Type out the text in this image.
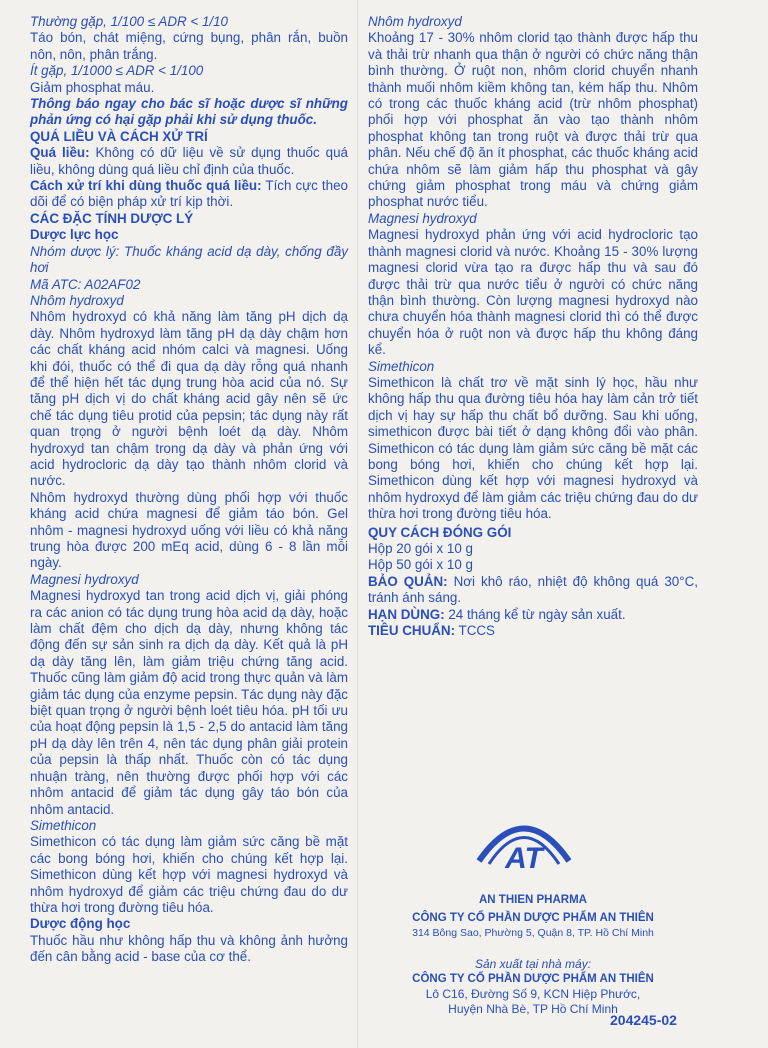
Thường gặp, 1/100 ≤ ADR < 1/10

Táo bón, chát miệng, cứng bụng, phân rắn, buồn nôn, nôn, phân trắng.

Ít gặp, 1/1000 ≤ ADR < 1/100

Giảm phosphat máu.

Thông báo ngay cho bác sĩ hoặc dược sĩ những phản ứng có hại gặp phải khi sử dụng thuốc.

QUÁ LIỀU VÀ CÁCH XỬ TRÍ

Quá liều: Không có dữ liệu về sử dụng thuốc quá liều, không dùng quá liều chỉ định của thuốc.

Cách xử trí khi dùng thuốc quá liều: Tích cực theo dõi để có biện pháp xử trí kịp thời.

CÁC ĐẶC TÍNH DƯỢC LÝ

Dược lực học

Nhóm dược lý: Thuốc kháng acid dạ dày, chống đầy hơi

Mã ATC: A02AF02

Nhôm hydroxyd

Nhôm hydroxyd có khả năng làm tăng pH dịch dạ dày. Nhôm hydroxyd làm tăng pH dạ dày chậm hơn các chất kháng acid nhóm calci và magnesi. Uống khi đói, thuốc có thể đi qua dạ dày rỗng quá nhanh để thể hiện hết tác dụng trung hòa acid của nó. Sự tăng pH dịch vị do chất kháng acid gây nên sẽ ức chế tác dụng tiêu protid của pepsin; tác dụng này rất quan trọng ở người bệnh loét dạ dày. Nhôm hydroxyd tan chậm trong dạ dày và phản ứng với acid hydrocloric dạ dày tạo thành nhôm clorid và nước.

Nhôm hydroxyd thường dùng phối hợp với thuốc kháng acid chứa magnesi để giảm táo bón. Gel nhôm - magnesi hydroxyd uống với liều có khả năng trung hòa được 200 mEq acid, dùng 6 - 8 lần mỗi ngày.

Magnesi hydroxyd

Magnesi hydroxyd tan trong acid dịch vị, giải phóng ra các anion có tác dụng trung hòa acid dạ dày, hoặc làm chất đệm cho dịch dạ dày, nhưng không tác động đến sự sản sinh ra dịch dạ dày. Kết quả là pH dạ dày tăng lên, làm giảm triệu chứng tăng acid. Thuốc cũng làm giảm độ acid trong thực quản và làm giảm tác dụng của enzyme pepsin. Tác dụng này đặc biệt quan trọng ở người bệnh loét tiêu hóa. pH tối ưu của hoạt động pepsin là 1,5 - 2,5 do antacid làm tăng pH dạ dày lên trên 4, nên tác dụng phân giải protein của pepsin là thấp nhất. Thuốc còn có tác dụng nhuận tràng, nên thường được phối hợp với các nhôm antacid để giảm tác dụng gây táo bón của nhôm antacid.

Simethicon

Simethicon có tác dụng làm giảm sức căng bề mặt các bong bóng hơi, khiến cho chúng kết hợp lại. Simethicon dùng kết hợp với magnesi hydroxyd và nhôm hydroxyd để giảm các triệu chứng đau do dư thừa hơi trong đường tiêu hóa.

Dược động học

Thuốc hầu như không hấp thu và không ảnh hưởng đến cân bằng acid - base của cơ thể.

Nhôm hydroxyd

Khoảng 17 - 30% nhôm clorid tạo thành được hấp thu và thải trừ nhanh qua thận ở người có chức năng thận bình thường. Ở ruột non, nhôm clorid chuyển nhanh thành muối nhôm kiềm không tan, kém hấp thu. Nhôm có trong các thuốc kháng acid (trừ nhôm phosphat) phối hợp với phosphat ăn vào tạo thành nhôm phosphat không tan trong ruột và được thải trừ qua phân. Nếu chế độ ăn ít phosphat, các thuốc kháng acid chứa nhôm sẽ làm giảm hấp thu phosphat và gây chứng giảm phosphat trong máu và chứng giảm phosphat nước tiểu.

Magnesi hydroxyd

Magnesi hydroxyd phản ứng với acid hydrocloric tạo thành magnesi clorid và nước. Khoảng 15 - 30% lượng magnesi clorid vừa tạo ra được hấp thu và sau đó được thải trừ qua nước tiểu ở người có chức năng thận bình thường. Còn lượng magnesi hydroxyd nào chưa chuyển hóa thành magnesi clorid thì có thể được chuyển hóa ở ruột non và được hấp thu không đáng kể.

Simethicon

Simethicon là chất trơ về mặt sinh lý học, hầu như không hấp thu qua đường tiêu hóa hay làm cản trở tiết dịch vị hay sự hấp thu chất bổ dưỡng. Sau khi uống, simethicon được bài tiết ở dạng không đổi vào phân. Simethicon có tác dụng làm giảm sức căng bề mặt các bong bóng hơi, khiến cho chúng kết hợp lại. Simethicon dùng kết hợp với magnesi hydroxyd và nhôm hydroxyd để làm giảm các triệu chứng đau do dư thừa hơi trong đường tiêu hóa.

QUY CÁCH ĐÓNG GÓI

Hộp 20 gói x 10 g

Hộp 50 gói x 10 g

BẢO QUẢN: Nơi khô ráo, nhiệt độ không quá 30°C, tránh ánh sáng.

HẠN DÙNG: 24 tháng kể từ ngày sản xuất.

TIÊU CHUẨN: TCCS

AT
AN THIEN PHARMA
CÔNG TY CỔ PHẦN DƯỢC PHẨM AN THIÊN
314 Bông Sao, Phường 5, Quận 8, TP. Hồ Chí Minh
Sản xuất tại nhà máy:
CÔNG TY CỔ PHẦN DƯỢC PHẨM AN THIÊN
Lô C16, Đường Số 9, KCN Hiệp Phước,
Huyện Nhà Bè, TP Hồ Chí Minh
204245-02
